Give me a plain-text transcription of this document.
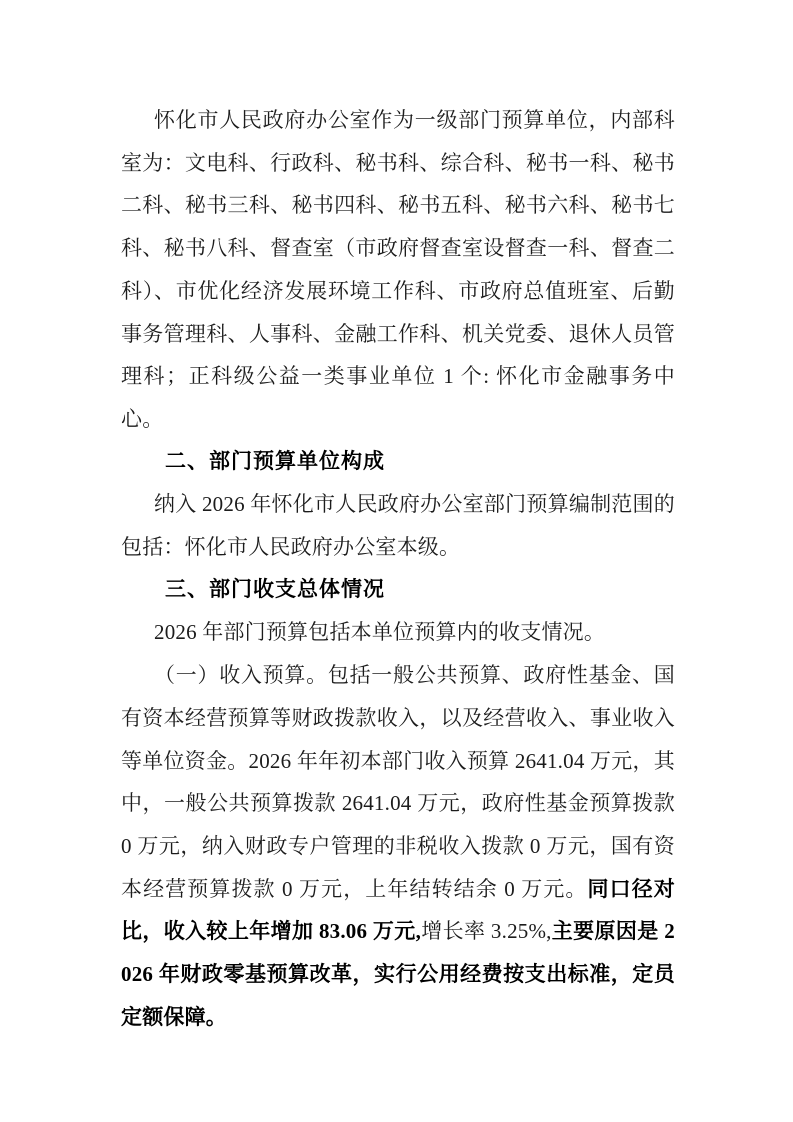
怀化市人民政府办公室作为一级部门预算单位，内部科室为：文电科、行政科、秘书科、综合科、秘书一科、秘书二科、秘书三科、秘书四科、秘书五科、秘书六科、秘书七科、秘书八科、督查室（市政府督查室设督查一科、督查二科）、市优化经济发展环境工作科、市政府总值班室、后勤事务管理科、人事科、金融工作科、机关党委、退休人员管理科；正科级公益一类事业单位 1 个: 怀化市金融事务中心。

二、部门预算单位构成

纳入 2026 年怀化市人民政府办公室部门预算编制范围的包括：怀化市人民政府办公室本级。

三、部门收支总体情况

2026 年部门预算包括本单位预算内的收支情况。

（一）收入预算。包括一般公共预算、政府性基金、国有资本经营预算等财政拨款收入，以及经营收入、事业收入等单位资金。2026 年年初本部门收入预算 2641.04 万元，其中，一般公共预算拨款 2641.04 万元，政府性基金预算拨款 0 万元，纳入财政专户管理的非税收入拨款 0 万元，国有资本经营预算拨款 0 万元，上年结转结余 0 万元。同口径对比，收入较上年增加 83.06 万元,增长率 3.25%,主要原因是 2026 年财政零基预算改革，实行公用经费按支出标准，定员定额保障。
